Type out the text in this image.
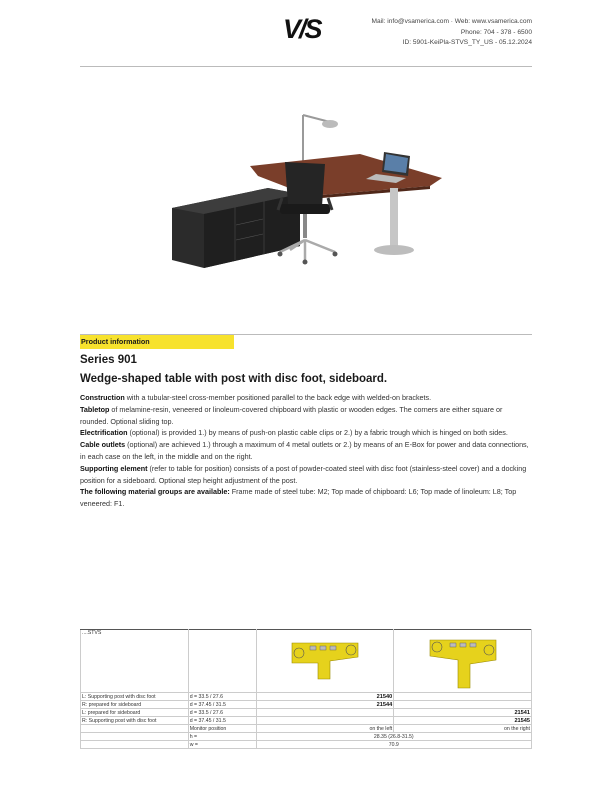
V/S	Mail: info@vsamerica.com · Web: www.vsamerica.com
Phone: 704 - 378 - 6500
ID: 5901-KeiPla-STVS_TY_US - 05.12.2024
Product information
Series 901
Wedge-shaped table with post with disc foot, sideboard.

Construction with a tubular-steel cross-member positioned parallel to the back edge with welded-on brackets.

Tabletop of melamine-resin, veneered or linoleum-covered chipboard with plastic or wooden edges. The corners are either square or rounded. Optional sliding top.

Electrification (optional) is provided 1.) by means of push-on plastic cable clips or 2.) by a fabric trough which is hinged on both sides.

Cable outlets (optional) are achieved 1.) through a maximum of 4 metal outlets or 2.) by means of an E-Box for power and data connections, in each case on the left, in the middle and on the right.

Supporting element (refer to table for position) consists of a post of powder-coated steel with disc foot (stainless-steel cover) and a docking position for a sideboard. Optional step height adjustment of the post.

The following material groups are available: Frame made of steel tube: M2; Top made of chipboard: L6; Top made of linoleum: L8; Top veneered: F1.

....STVS			
L: Supporting post with disc foot	d = 33.5 / 27.6	21540	
R: prepared for sideboard	d = 37.45 / 31.5	21544	
L: prepared for sideboard	d = 33.5 / 27.6		21541
R: Supporting post with disc foot	d = 37.45 / 31.5		21545
	Monitor position	on the left	on the right
	h =	28.35 (26.8-31.5)	
	w =	70.9	
